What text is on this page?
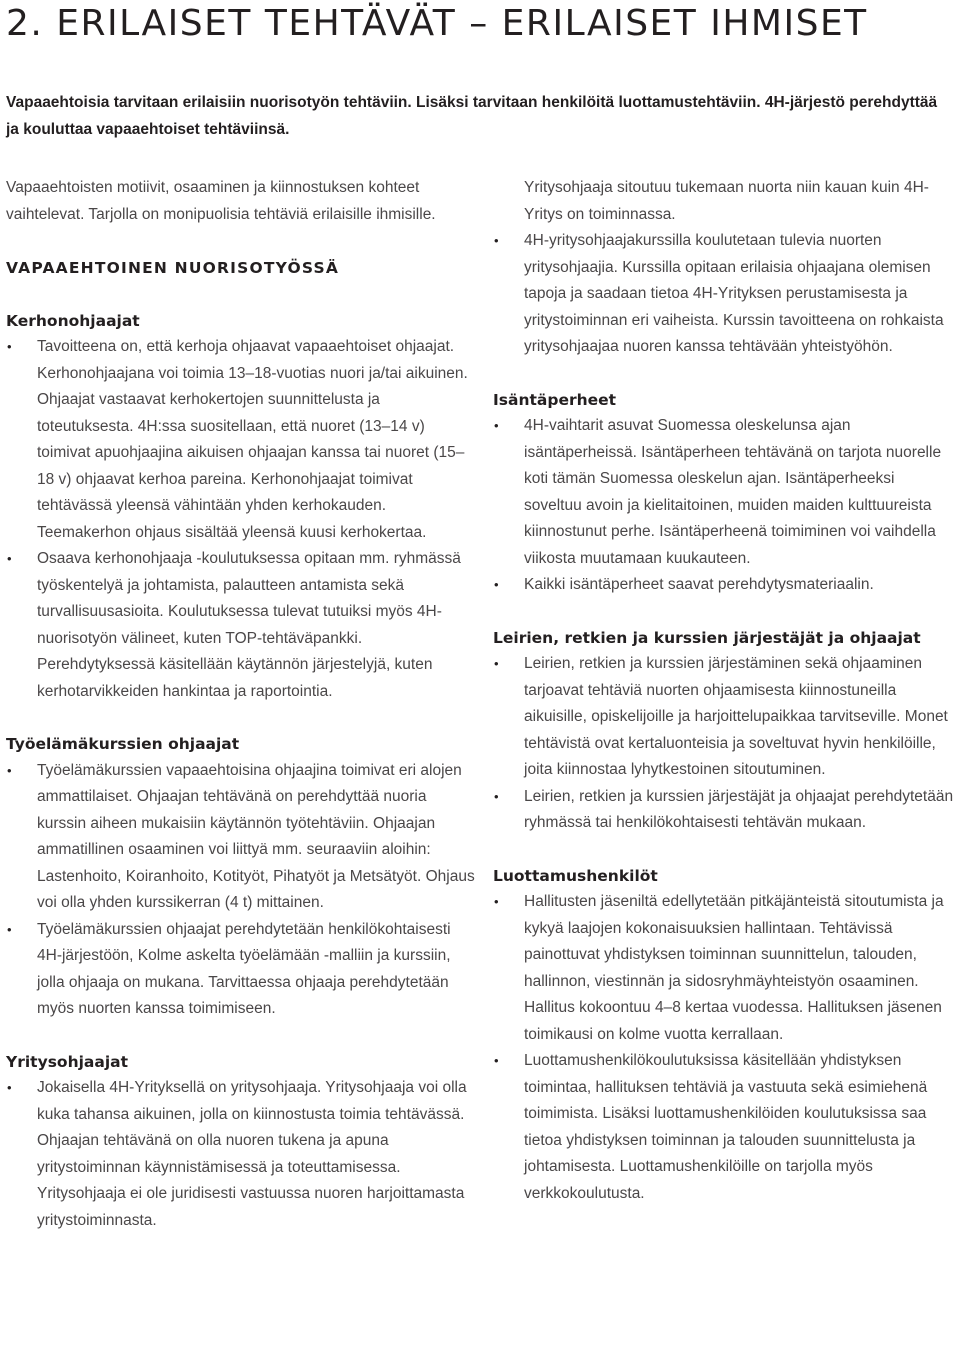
2. ERILAISET TEHTÄVÄT – ERILAISET IHMISET

Vapaaehtoisia tarvitaan erilaisiin nuorisotyön tehtäviin. Lisäksi tarvitaan henkilöitä luottamustehtäviin. 4H-järjestö perehdyttää ja kouluttaa vapaaehtoiset tehtäviinsä.

Vapaaehtoisten motiivit, osaaminen ja kiinnostuksen kohteet vaihtelevat. Tarjolla on monipuolisia tehtäviä erilaisille ihmisille.

VAPAAEHTOINEN NUORISOTYÖSSÄ
Kerhonohjaajat
• Tavoitteena on, että kerhoja ohjaavat vapaaehtoiset ohjaajat. Kerhonohjaajana voi toimia 13–18-vuotias nuori ja/tai aikuinen. Ohjaajat vastaavat kerhokertojen suunnittelusta ja toteutuksesta. 4H:ssa suositellaan, että nuoret (13–14 v) toimivat apuohjaajina aikuisen ohjaajan kanssa tai nuoret (15–18 v) ohjaavat kerhoa pareina. Kerhonohjaajat toimivat tehtävässä yleensä vähintään yhden kerhokauden. Teemakerhon ohjaus sisältää yleensä kuusi kerhokertaa.
• Osaava kerhonohjaaja -koulutuksessa opitaan mm. ryhmässä työskentelyä ja johtamista, palautteen antamista sekä turvallisuusasioita. Koulutuksessa tulevat tutuiksi myös 4H-nuorisotyön välineet, kuten TOP-tehtäväpankki. Perehdytyksessä käsitellään käytännön järjestelyjä, kuten kerhotarvikkeiden hankintaa ja raportointia.
Työelämäkurssien ohjaajat
• Työelämäkurssien vapaaehtoisina ohjaajina toimivat eri alojen ammattilaiset. Ohjaajan tehtävänä on perehdyttää nuoria kurssin aiheen mukaisiin käytännön työtehtäviin. Ohjaajan ammatillinen osaaminen voi liittyä mm. seuraaviin aloihin: Lastenhoito, Koiranhoito, Kotityöt, Pihatyöt ja Metsätyöt. Ohjaus voi olla yhden kurssikerran (4 t) mittainen.
• Työelämäkurssien ohjaajat perehdytetään henkilökohtaisesti 4H-järjestöön, Kolme askelta työelämään -malliin ja kurssiin, jolla ohjaaja on mukana. Tarvittaessa ohjaaja perehdytetään myös nuorten kanssa toimimiseen.
Yritysohjaajat
• Jokaisella 4H-Yrityksellä on yritysohjaaja. Yritysohjaaja voi olla kuka tahansa aikuinen, jolla on kiinnostusta toimia tehtävässä. Ohjaajan tehtävänä on olla nuoren tukena ja apuna yritystoiminnan käynnistämisessä ja toteuttamisessa. Yritysohjaaja ei ole juridisesti vastuussa nuoren harjoittamasta yritystoiminnasta.

Yritysohjaaja sitoutuu tukemaan nuorta niin kauan kuin 4H-Yritys on toiminnassa.

• 4H-yritysohjaajakurssilla koulutetaan tulevia nuorten yritysohjaajia. Kurssilla opitaan erilaisia ohjaajana olemisen tapoja ja saadaan tietoa 4H-Yrityksen perustamisesta ja yritystoiminnan eri vaiheista. Kurssin tavoitteena on rohkaista yritysohjaajaa nuoren kanssa tehtävään yhteistyöhön.
Isäntäperheet
• 4H-vaihtarit asuvat Suomessa oleskelunsa ajan isäntäperheissä. Isäntäperheen tehtävänä on tarjota nuorelle koti tämän Suomessa oleskelun ajan. Isäntäperheeksi soveltuu avoin ja kielitaitoinen, muiden maiden kulttuureista kiinnostunut perhe. Isäntäperheenä toimiminen voi vaihdella viikosta muutamaan kuukauteen.
• Kaikki isäntäperheet saavat perehdytysmateriaalin.
Leirien, retkien ja kurssien järjestäjät ja ohjaajat
• Leirien, retkien ja kurssien järjestäminen sekä ohjaaminen tarjoavat tehtäviä nuorten ohjaamisesta kiinnostuneilla aikuisille, opiskelijoille ja harjoittelupaikkaa tarvitseville. Monet tehtävistä ovat kertaluonteisia ja soveltuvat hyvin henkilöille, joita kiinnostaa lyhytkestoinen sitoutuminen.
• Leirien, retkien ja kurssien järjestäjät ja ohjaajat perehdytetään ryhmässä tai henkilökohtaisesti tehtävän mukaan.
Luottamushenkilöt
• Hallitusten jäseniltä edellytetään pitkäjänteistä sitoutumista ja kykyä laajojen kokonaisuuksien hallintaan. Tehtävissä painottuvat yhdistyksen toiminnan suunnittelun, talouden, hallinnon, viestinnän ja sidosryhmäyhteistyön osaaminen. Hallitus kokoontuu 4–8 kertaa vuodessa. Hallituksen jäsenen toimikausi on kolme vuotta kerrallaan.
• Luottamushenkilökoulutuksissa käsitellään yhdistyksen toimintaa, hallituksen tehtäviä ja vastuuta sekä esimiehenä toimimista. Lisäksi luottamushenkilöiden koulutuksissa saa tietoa yhdistyksen toiminnan ja talouden suunnittelusta ja johtamisesta. Luottamushenkilöille on tarjolla myös verkkokoulutusta.
